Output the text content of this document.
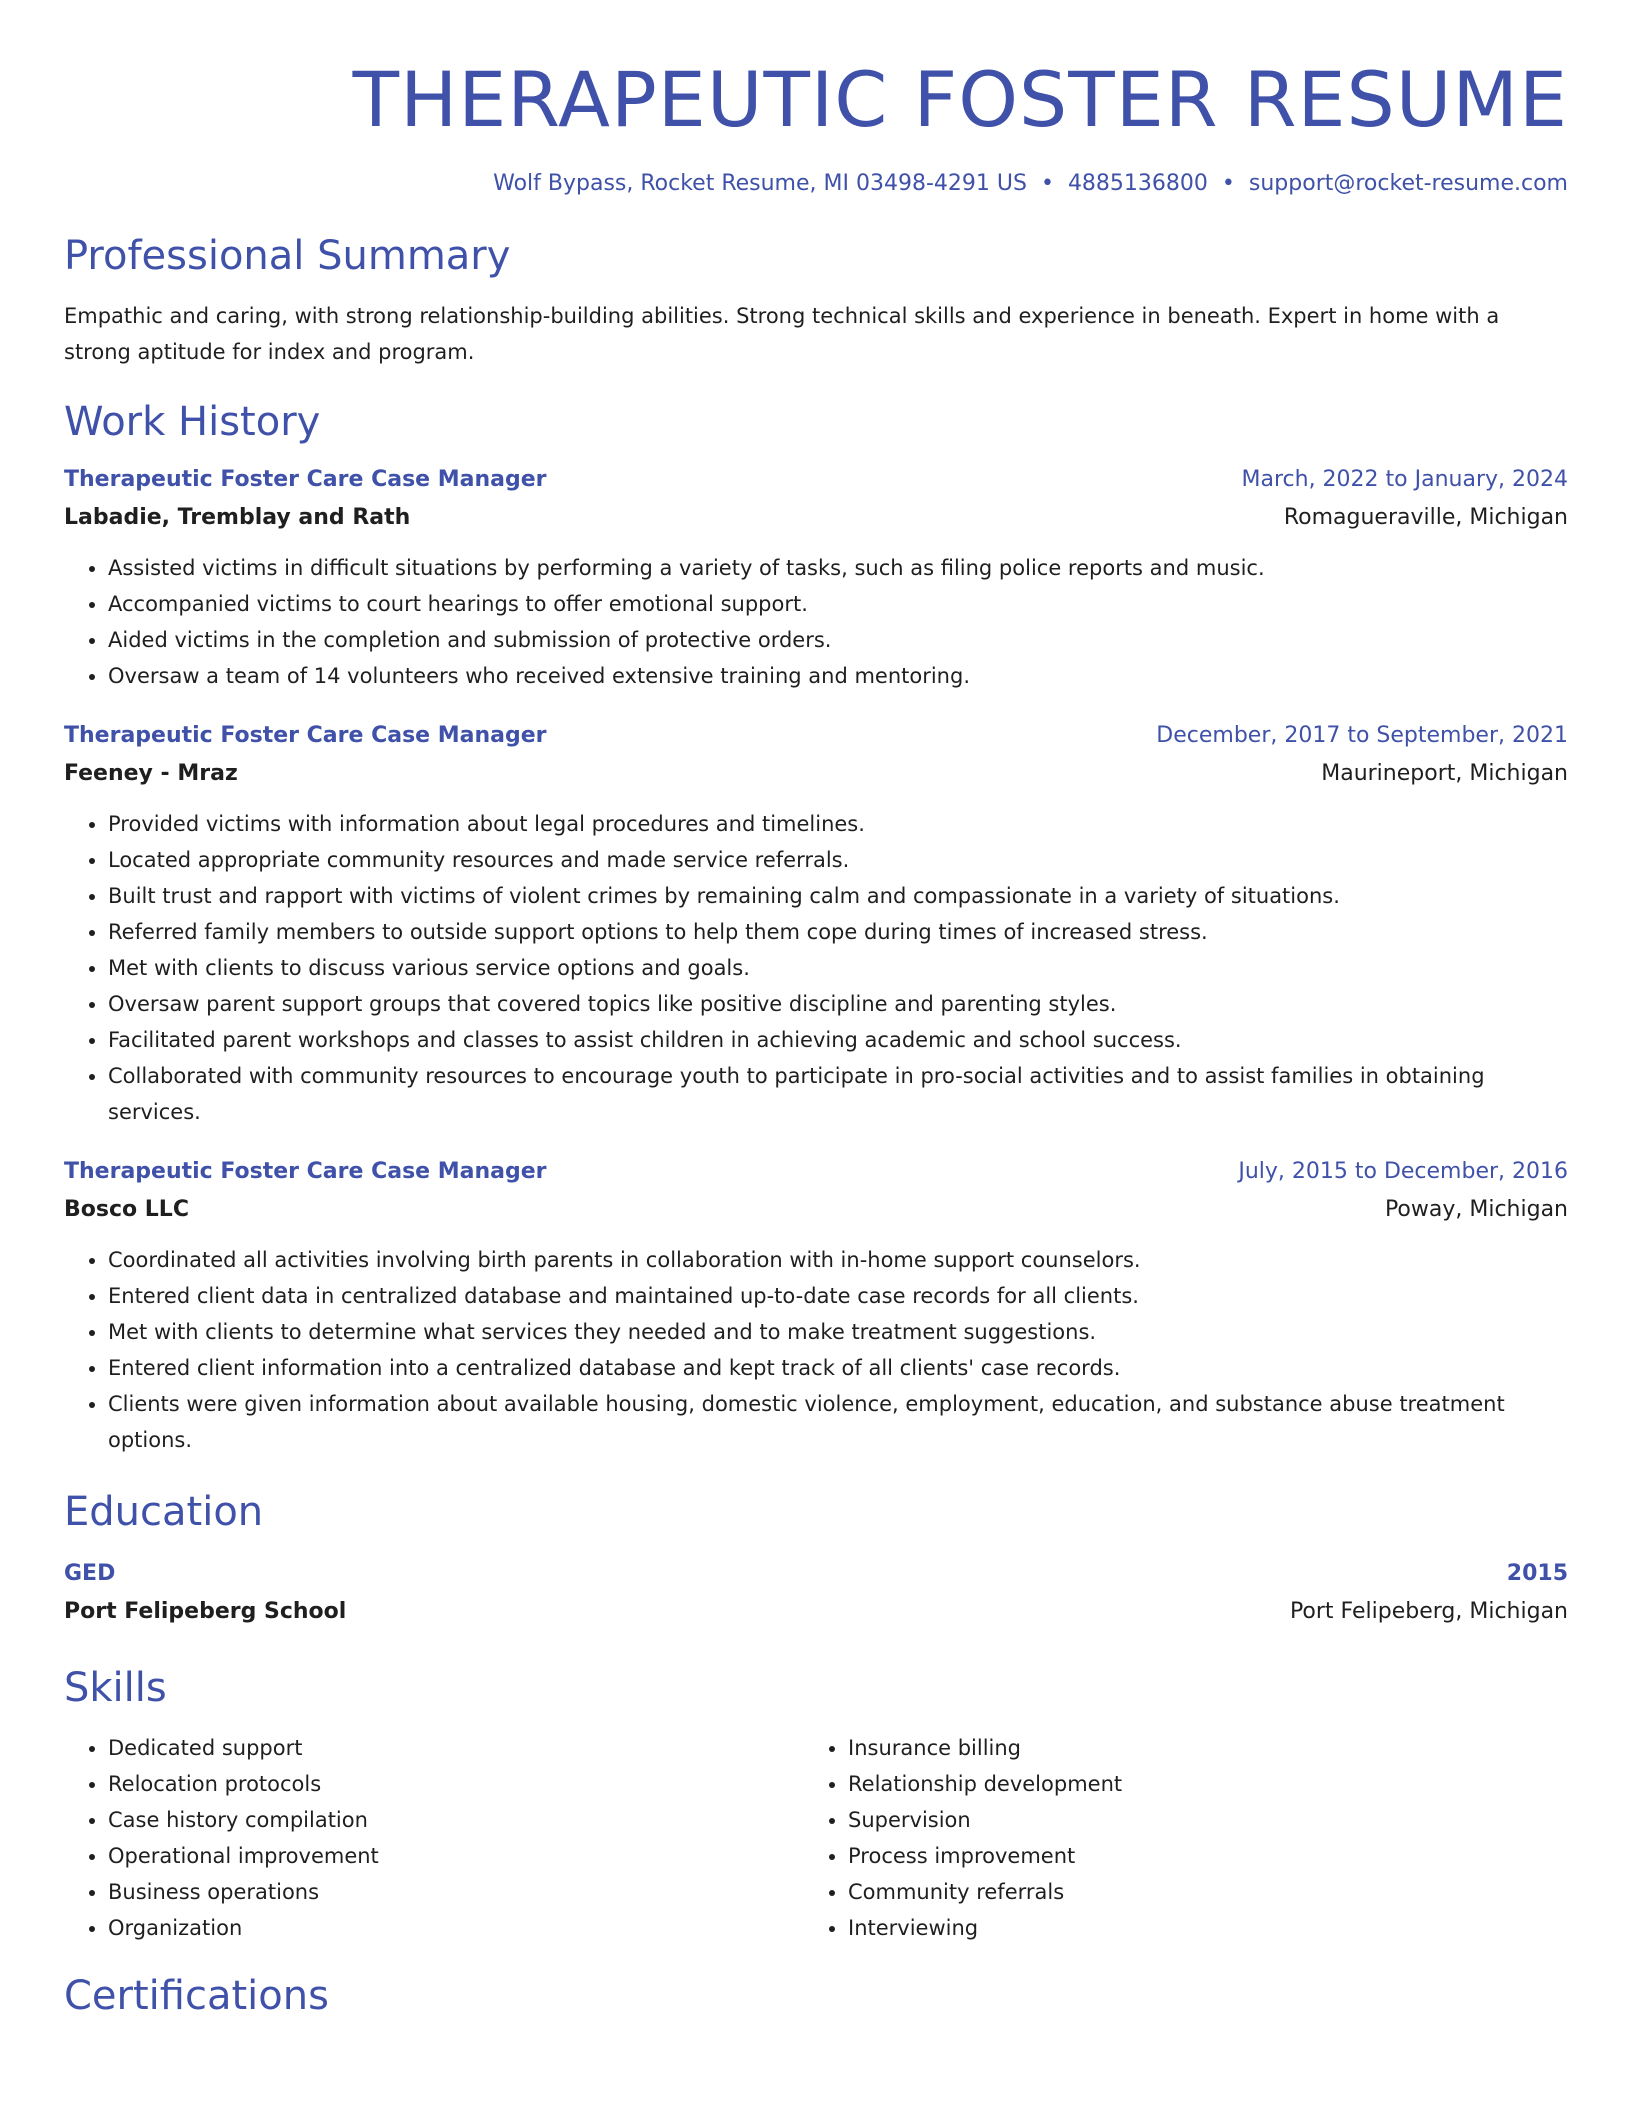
THERAPEUTIC FOSTER RESUME
Wolf Bypass, Rocket Resume, MI 03498-4291 US • 4885136800 • support@rocket-resume.com
Professional Summary
Empathic and caring, with strong relationship-building abilities. Strong technical skills and experience in beneath. Expert in home with a strong aptitude for index and program.
Work History
Therapeutic Foster Care Case Manager	March, 2022 to January, 2024
Labadie, Tremblay and Rath	Romagueraville, Michigan
• Assisted victims in difficult situations by performing a variety of tasks, such as filing police reports and music.
• Accompanied victims to court hearings to offer emotional support.
• Aided victims in the completion and submission of protective orders.
• Oversaw a team of 14 volunteers who received extensive training and mentoring.
Therapeutic Foster Care Case Manager	December, 2017 to September, 2021
Feeney - Mraz	Maurineport, Michigan
• Provided victims with information about legal procedures and timelines.
• Located appropriate community resources and made service referrals.
• Built trust and rapport with victims of violent crimes by remaining calm and compassionate in a variety of situations.
• Referred family members to outside support options to help them cope during times of increased stress.
• Met with clients to discuss various service options and goals.
• Oversaw parent support groups that covered topics like positive discipline and parenting styles.
• Facilitated parent workshops and classes to assist children in achieving academic and school success.
• Collaborated with community resources to encourage youth to participate in pro-social activities and to assist families in obtaining services.
Therapeutic Foster Care Case Manager	July, 2015 to December, 2016
Bosco LLC	Poway, Michigan
• Coordinated all activities involving birth parents in collaboration with in-home support counselors.
• Entered client data in centralized database and maintained up-to-date case records for all clients.
• Met with clients to determine what services they needed and to make treatment suggestions.
• Entered client information into a centralized database and kept track of all clients' case records.
• Clients were given information about available housing, domestic violence, employment, education, and substance abuse treatment options.
Education
GED	2015
Port Felipeberg School	Port Felipeberg, Michigan
Skills
• Dedicated support
• Relocation protocols
• Case history compilation
• Operational improvement
• Business operations
• Organization
• Insurance billing
• Relationship development
• Supervision
• Process improvement
• Community referrals
• Interviewing
Certifications
